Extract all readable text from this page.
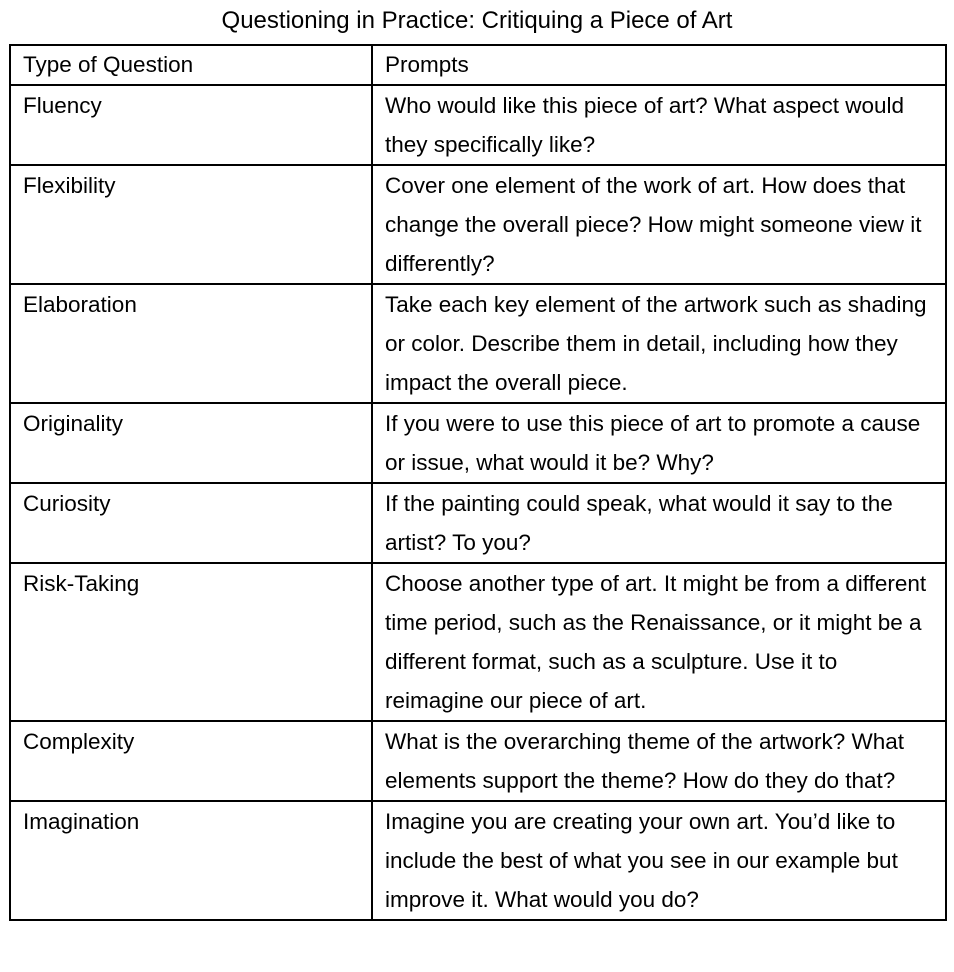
Questioning in Practice: Critiquing a Piece of Art
Type of Question	Prompts
Fluency	Who would like this piece of art? What aspect would they specifically like?
Flexibility	Cover one element of the work of art. How does that change the overall piece? How might someone view it differently?
Elaboration	Take each key element of the artwork such as shading or color. Describe them in detail, including how they impact the overall piece.
Originality	If you were to use this piece of art to promote a cause or issue, what would it be? Why?
Curiosity	If the painting could speak, what would it say to the artist? To you?
Risk-Taking	Choose another type of art. It might be from a different time period, such as the Renaissance, or it might be a different format, such as a sculpture. Use it to reimagine our piece of art.
Complexity	What is the overarching theme of the artwork? What elements support the theme? How do they do that?
Imagination	Imagine you are creating your own art. You’d like to include the best of what you see in our example but improve it. What would you do?
